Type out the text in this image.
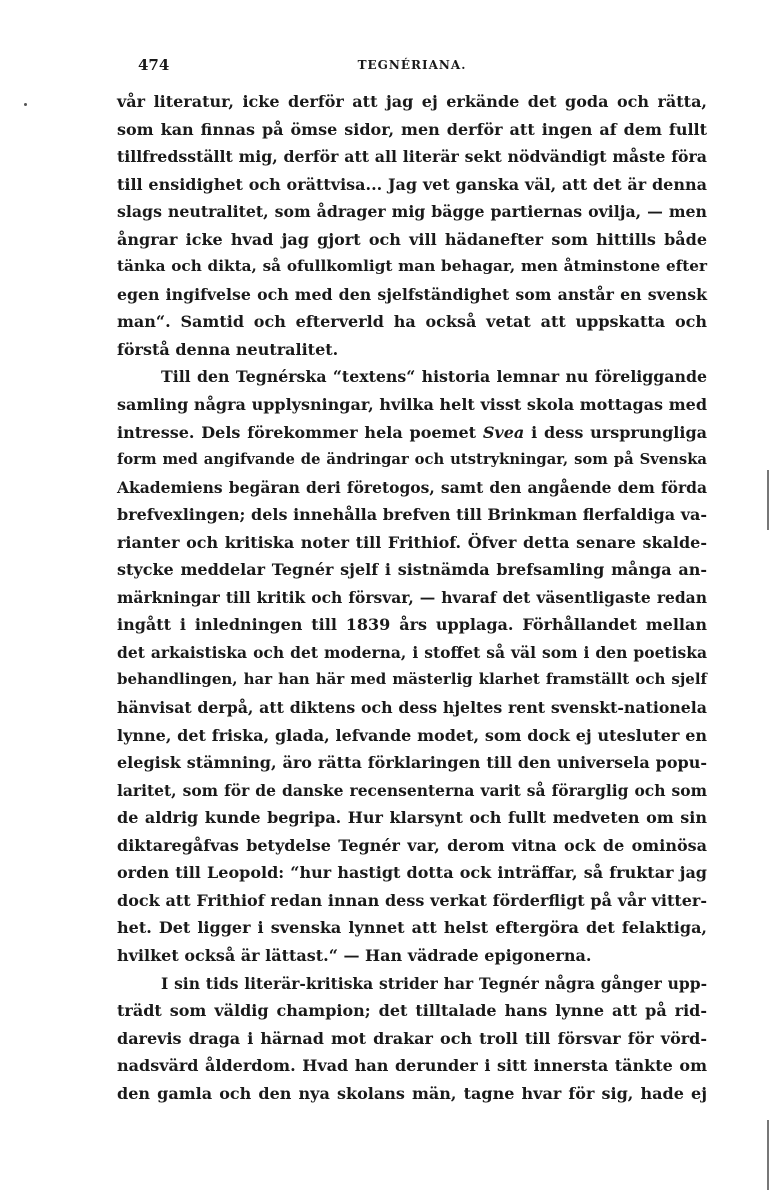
474	TEGNÉRIANA.
vår literatur, icke derför att jag ej erkände det goda och rätta,
som kan finnas på ömse sidor, men derför att ingen af dem fullt
tillfredsställt mig, derför att all literär sekt nödvändigt måste föra
till ensidighet och orättvisa... Jag vet ganska väl, att det är denna
slags neutralitet, som ådrager mig bägge partiernas ovilja, — men
ångrar icke hvad jag gjort och vill hädanefter som hittills både
tänka och dikta, så ofullkomligt man behagar, men åtminstone efter
egen ingifvelse och med den sjelfständighet som anstår en svensk
man“. Samtid och efterverld ha också vetat att uppskatta och
förstå denna neutralitet.
Till den Tegnérska “textens“ historia lemnar nu föreliggande
samling några upplysningar, hvilka helt visst skola mottagas med
intresse. Dels förekommer hela poemet Svea i dess ursprungliga
form med angifvande de ändringar och utstrykningar, som på Svenska
Akademiens begäran deri företogos, samt den angående dem förda
brefvexlingen; dels innehålla brefven till Brinkman flerfaldiga va-
rianter och kritiska noter till Frithiof. Öfver detta senare skalde-
stycke meddelar Tegnér sjelf i sistnämda brefsamling många an-
märkningar till kritik och försvar, — hvaraf det väsentligaste redan
ingått i inledningen till 1839 års upplaga. Förhållandet mellan
det arkaistiska och det moderna, i stoffet så väl som i den poetiska
behandlingen, har han här med mästerlig klarhet framställt och sjelf
hänvisat derpå, att diktens och dess hjeltes rent svenskt-nationela
lynne, det friska, glada, lefvande modet, som dock ej utesluter en
elegisk stämning, äro rätta förklaringen till den universela popu-
laritet, som för de danske recensenterna varit så förarglig och som
de aldrig kunde begripa. Hur klarsynt och fullt medveten om sin
diktaregåfvas betydelse Tegnér var, derom vitna ock de ominösa
orden till Leopold: “hur hastigt dotta ock inträffar, så fruktar jag
dock att Frithiof redan innan dess verkat förderfligt på vår vitter-
het. Det ligger i svenska lynnet att helst eftergöra det felaktiga,
hvilket också är lättast.“ — Han vädrade epigonerna.
I sin tids literär-kritiska strider har Tegnér några gånger upp-
trädt som väldig champion; det tilltalade hans lynne att på rid-
darevis draga i härnad mot drakar och troll till försvar för vörd-
nadsvärd ålderdom. Hvad han derunder i sitt innersta tänkte om
den gamla och den nya skolans män, tagne hvar för sig, hade ej
